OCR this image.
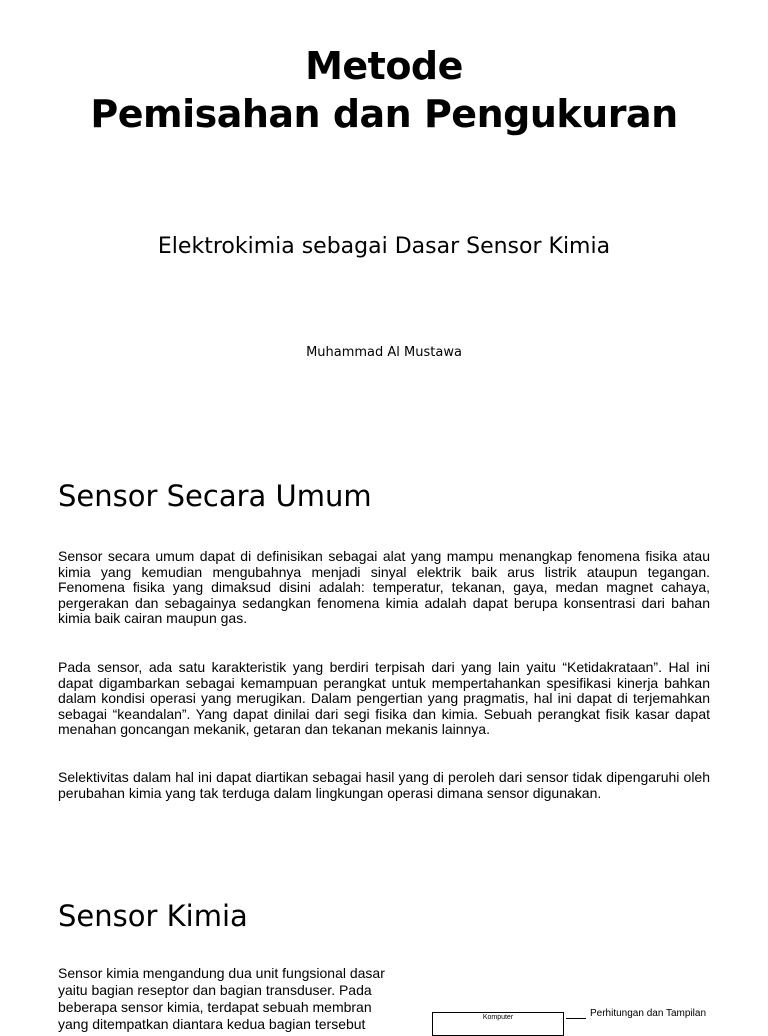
Metode
Pemisahan dan Pengukuran

Elektrokimia sebagai Dasar Sensor Kimia

Muhammad Al Mustawa

Sensor Secara Umum

Sensor secara umum dapat di definisikan sebagai alat yang mampu menangkap fenomena fisika atau kimia yang kemudian mengubahnya menjadi sinyal elektrik baik arus listrik ataupun tegangan. Fenomena fisika yang dimaksud disini adalah: temperatur, tekanan, gaya, medan magnet cahaya, pergerakan dan sebagainya sedangkan fenomena kimia adalah dapat berupa konsentrasi dari bahan kimia baik cairan maupun gas.

Pada sensor, ada satu karakteristik yang berdiri terpisah dari yang lain yaitu “Ketidakrataan”. Hal ini dapat digambarkan sebagai kemampuan perangkat untuk mempertahankan spesifikasi kinerja bahkan dalam kondisi operasi yang merugikan. Dalam pengertian yang pragmatis, hal ini dapat di terjemahkan sebagai “keandalan”. Yang dapat dinilai dari segi fisika dan kimia. Sebuah perangkat fisik kasar dapat menahan goncangan mekanik, getaran dan tekanan mekanis lainnya.

Selektivitas dalam hal ini dapat diartikan sebagai hasil yang di peroleh dari sensor tidak dipengaruhi oleh perubahan kimia yang tak terduga dalam lingkungan operasi dimana sensor digunakan.

Sensor Kimia

Sensor kimia mengandung dua unit fungsional dasar yaitu bagian reseptor dan bagian transduser. Pada beberapa sensor kimia, terdapat sebuah membran yang ditempatkan diantara kedua bagian tersebut	Komputer	Perhitungan dan Tampilan
